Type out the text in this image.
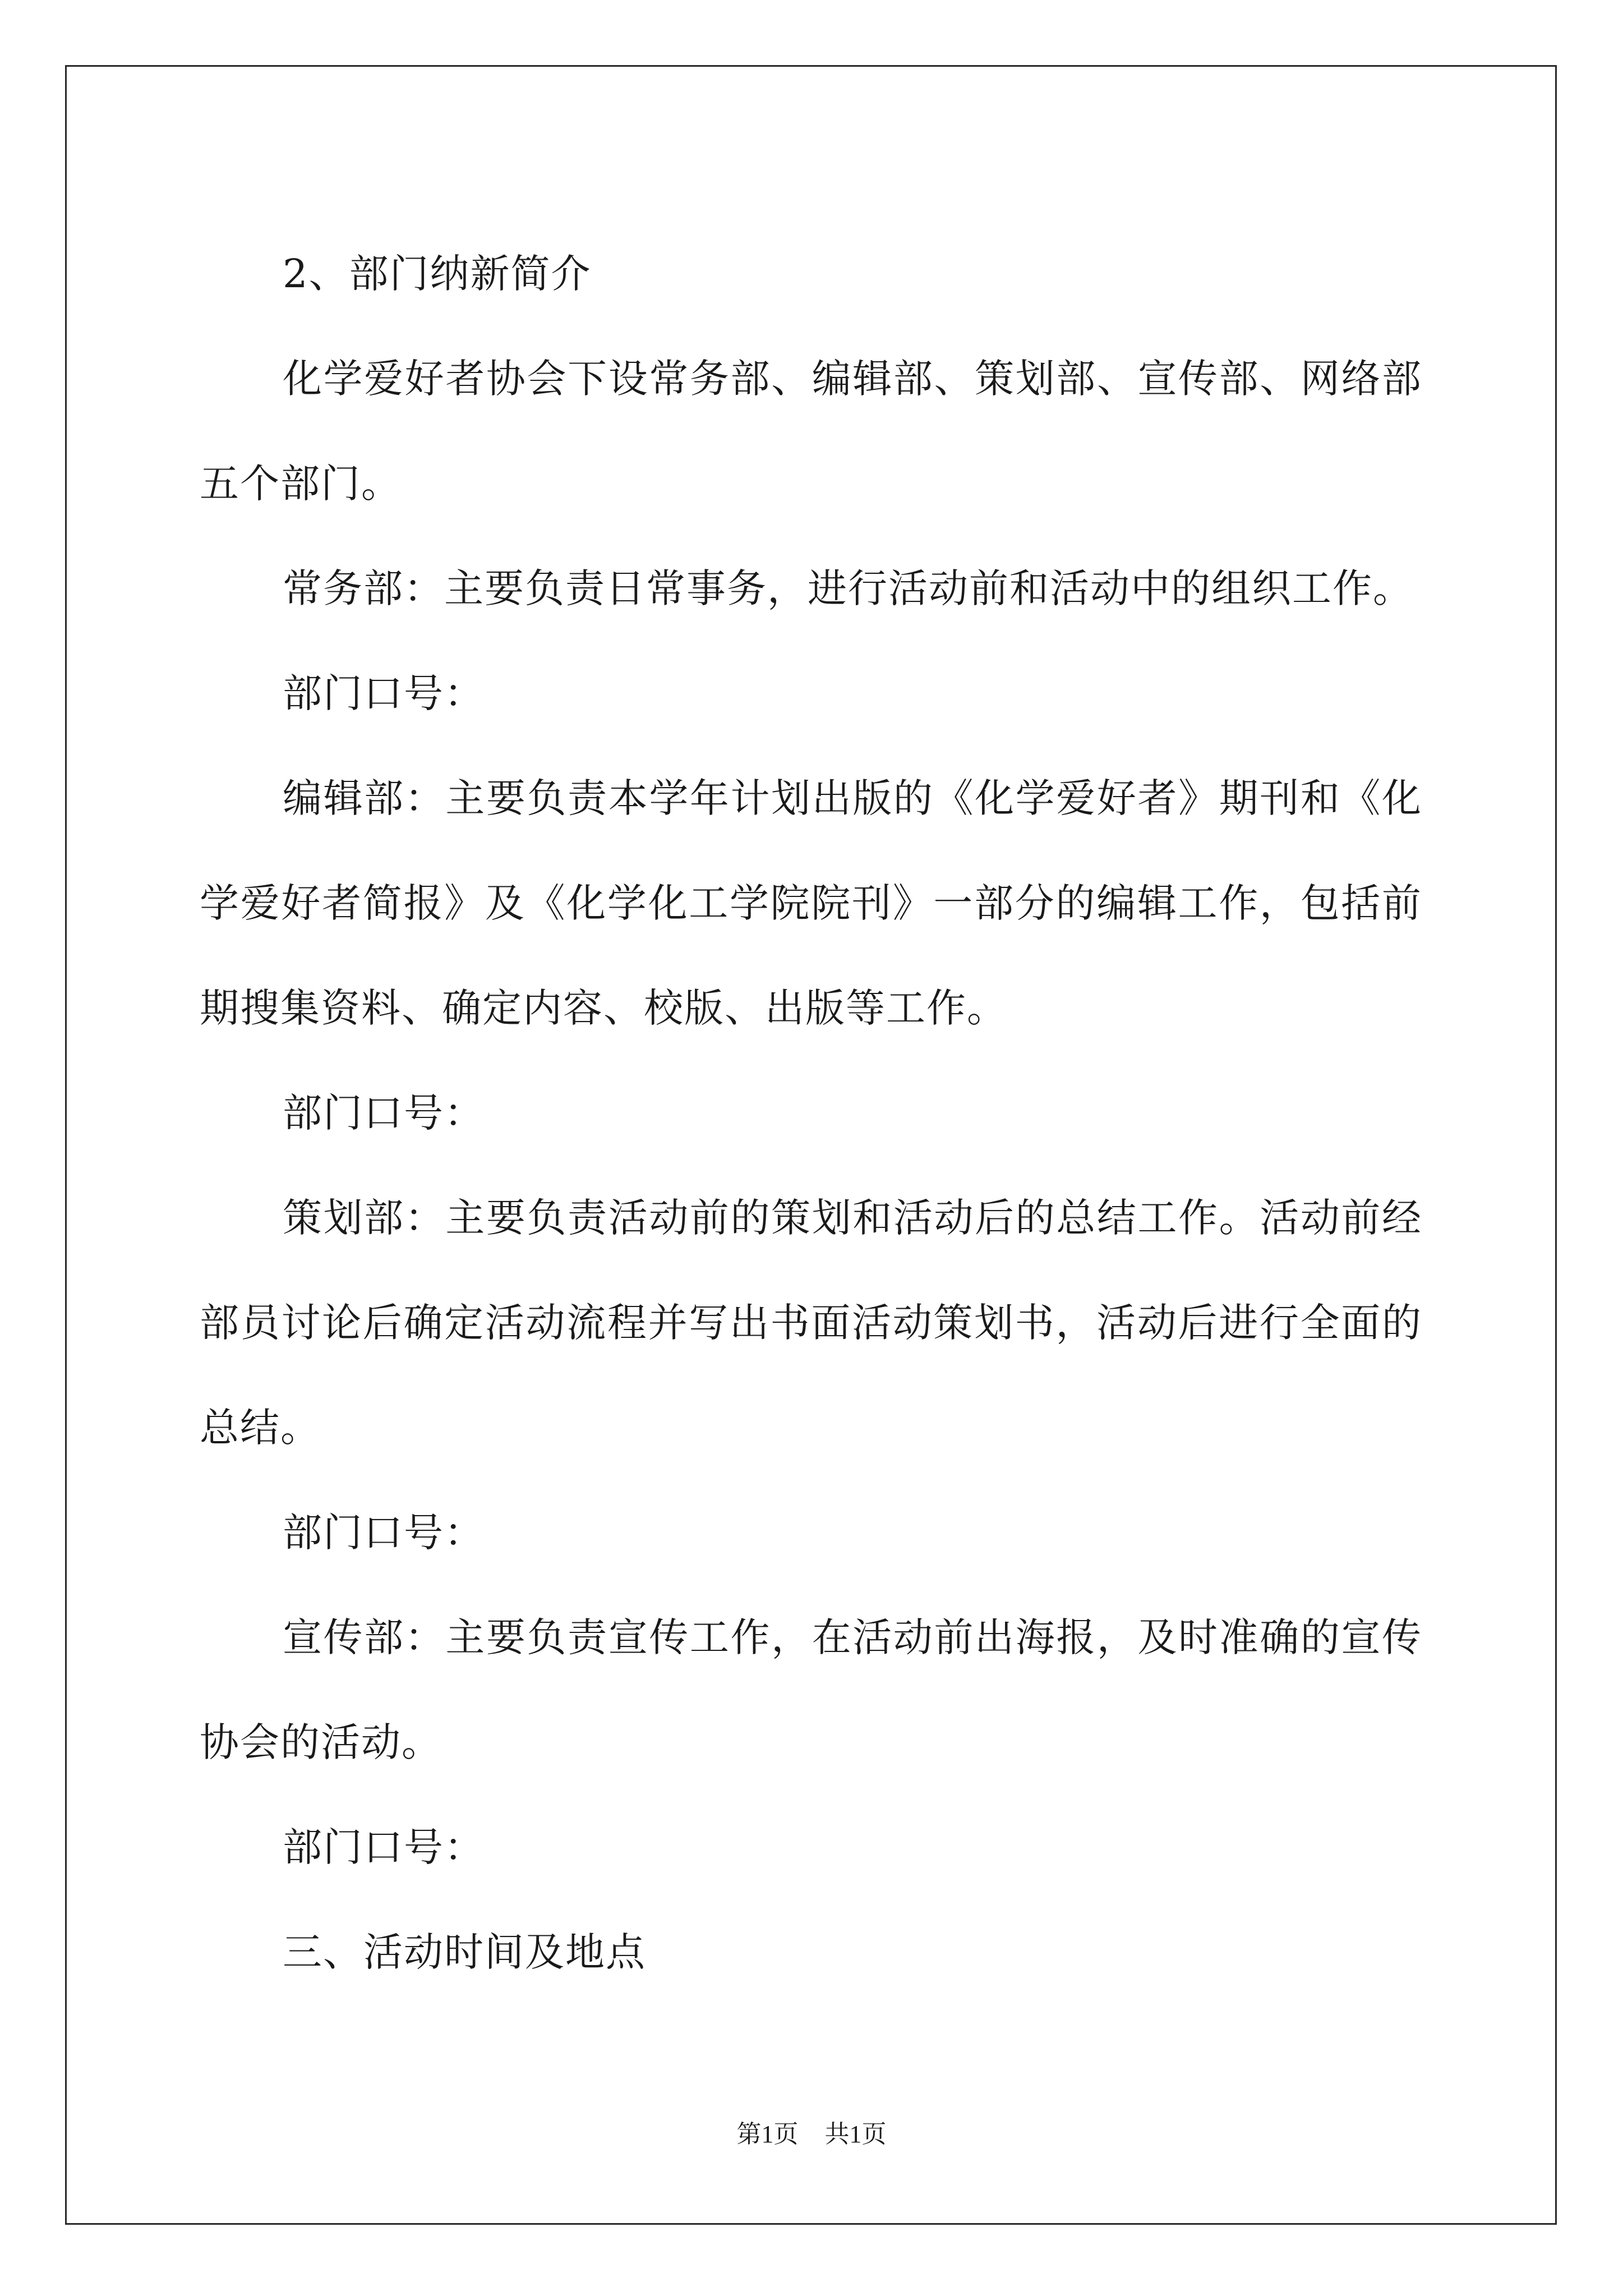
2、部门纳新简介

化学爱好者协会下设常务部、编辑部、策划部、宣传部、网络部五个部门。

常务部：主要负责日常事务，进行活动前和活动中的组织工作。

部门口号：

编辑部：主要负责本学年计划出版的《化学爱好者》期刊和《化学爱好者简报》及《化学化工学院院刊》一部分的编辑工作，包括前期搜集资料、确定内容、校版、出版等工作。

部门口号：

策划部：主要负责活动前的策划和活动后的总结工作。活动前经部员讨论后确定活动流程并写出书面活动策划书，活动后进行全面的总结。

部门口号：

宣传部：主要负责宣传工作，在活动前出海报，及时准确的宣传协会的活动。

部门口号：

三、活动时间及地点

第1页 共1页
